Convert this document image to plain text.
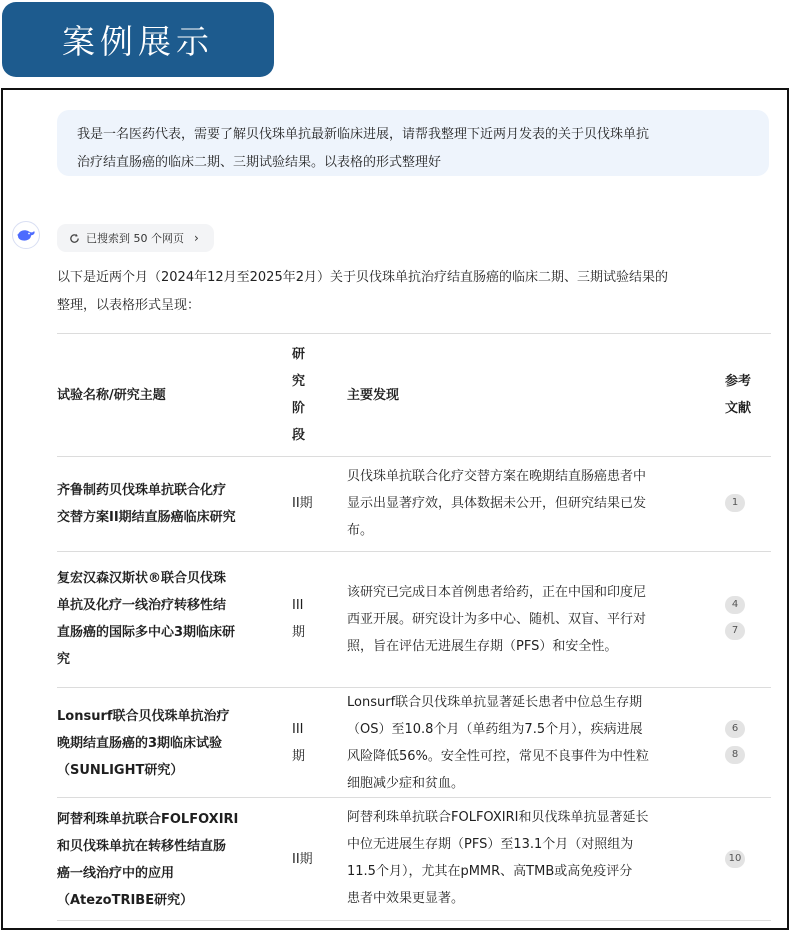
案例展示
我是一名医药代表，需要了解贝伐珠单抗最新临床进展，请帮我整理下近两月发表的关于贝伐珠单抗
治疗结直肠癌的临床二期、三期试验结果。以表格的形式整理好
已搜索到 50 个网页 ›
以下是近两个月（2024年12月至2025年2月）关于贝伐珠单抗治疗结直肠癌的临床二期、三期试验结果的
整理，以表格形式呈现：
试验名称/研究主题
研
究
阶
段
主要发现
参考
文献
齐鲁制药贝伐珠单抗联合化疗
交替方案II期结直肠癌临床研究
II期
贝伐珠单抗联合化疗交替方案在晚期结直肠癌患者中
显示出显著疗效，具体数据未公开，但研究结果已发
布。
1
复宏汉森汉斯状®联合贝伐珠
单抗及化疗一线治疗转移性结
直肠癌的国际多中心3期临床研
究
III
期
该研究已完成日本首例患者给药，正在中国和印度尼
西亚开展。研究设计为多中心、随机、双盲、平行对
照，旨在评估无进展生存期（PFS）和安全性。
4
7
Lonsurf联合贝伐珠单抗治疗
晚期结直肠癌的3期临床试验
（SUNLIGHT研究）
III
期
Lonsurf联合贝伐珠单抗显著延长患者中位总生存期
（OS）至10.8个月（单药组为7.5个月），疾病进展
风险降低56%。安全性可控，常见不良事件为中性粒
细胞减少症和贫血。
6
8
阿替利珠单抗联合FOLFOXIRI
和贝伐珠单抗在转移性结直肠
癌一线治疗中的应用
（AtezoTRIBE研究）
II期
阿替利珠单抗联合FOLFOXIRI和贝伐珠单抗显著延长
中位无进展生存期（PFS）至13.1个月（对照组为
11.5个月），尤其在pMMR、高TMB或高免疫评分
患者中效果更显著。
10
